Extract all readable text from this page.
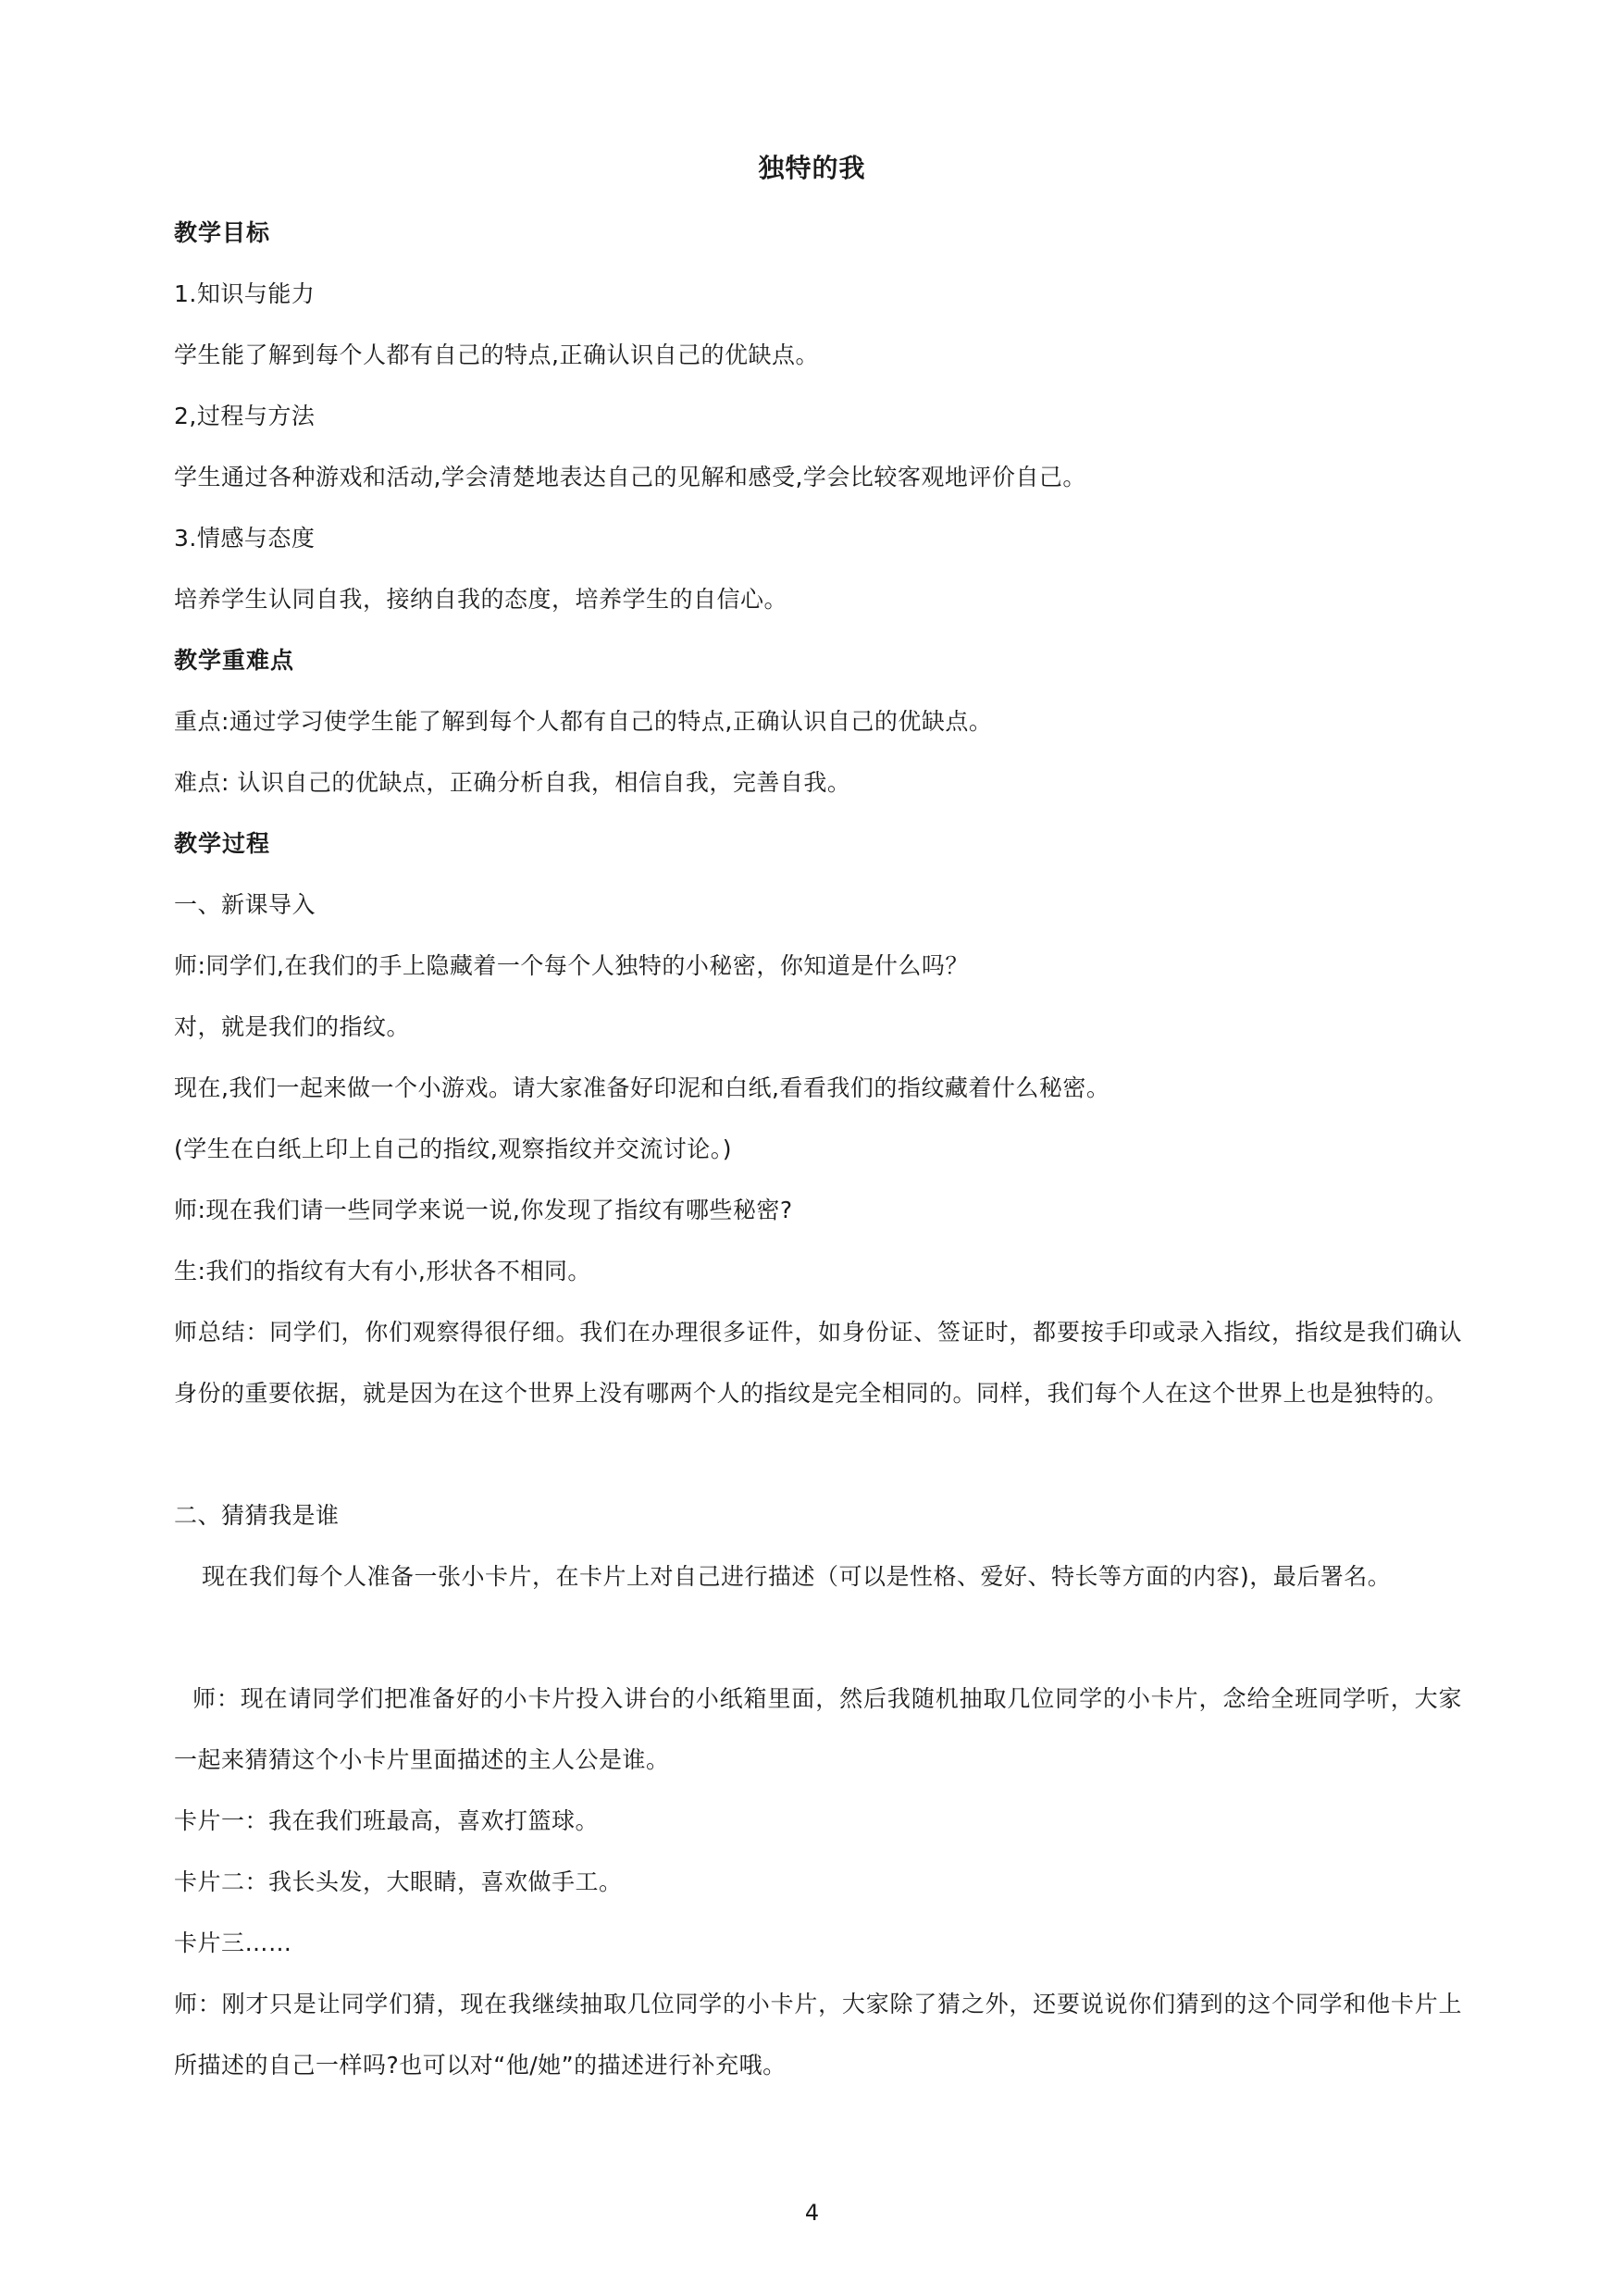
独特的我
教学目标
1.知识与能力
学生能了解到每个人都有自己的特点,正确认识自己的优缺点。
2,过程与方法
学生通过各种游戏和活动,学会清楚地表达自己的见解和感受,学会比较客观地评价自己。
3.情感与态度
培养学生认同自我，接纳自我的态度，培养学生的自信心。
教学重难点
重点:通过学习使学生能了解到每个人都有自己的特点,正确认识自己的优缺点。
难点: 认识自己的优缺点，正确分析自我，相信自我，完善自我。
教学过程
一、新课导入
师:同学们,在我们的手上隐藏着一个每个人独特的小秘密，你知道是什么吗？
对，就是我们的指纹。
现在,我们一起来做一个小游戏。请大家准备好印泥和白纸,看看我们的指纹藏着什么秘密。
(学生在白纸上印上自己的指纹,观察指纹并交流讨论。)
师:现在我们请一些同学来说一说,你发现了指纹有哪些秘密?
生:我们的指纹有大有小,形状各不相同。
师总结：同学们，你们观察得很仔细。我们在办理很多证件，如身份证、签证时，都要按手印或录入指纹，指纹是我们确认身份的重要依据，就是因为在这个世界上没有哪两个人的指纹是完全相同的。同样，我们每个人在这个世界上也是独特的。
二、猜猜我是谁
现在我们每个人准备一张小卡片，在卡片上对自己进行描述（可以是性格、爱好、特长等方面的内容)，最后署名。
师：现在请同学们把准备好的小卡片投入讲台的小纸箱里面，然后我随机抽取几位同学的小卡片，念给全班同学听，大家一起来猜猜这个小卡片里面描述的主人公是谁。
卡片一：我在我们班最高，喜欢打篮球。
卡片二：我长头发，大眼睛，喜欢做手工。
卡片三……
师：刚才只是让同学们猜，现在我继续抽取几位同学的小卡片，大家除了猜之外，还要说说你们猜到的这个同学和他卡片上所描述的自己一样吗?也可以对“他/她”的描述进行补充哦。
4
